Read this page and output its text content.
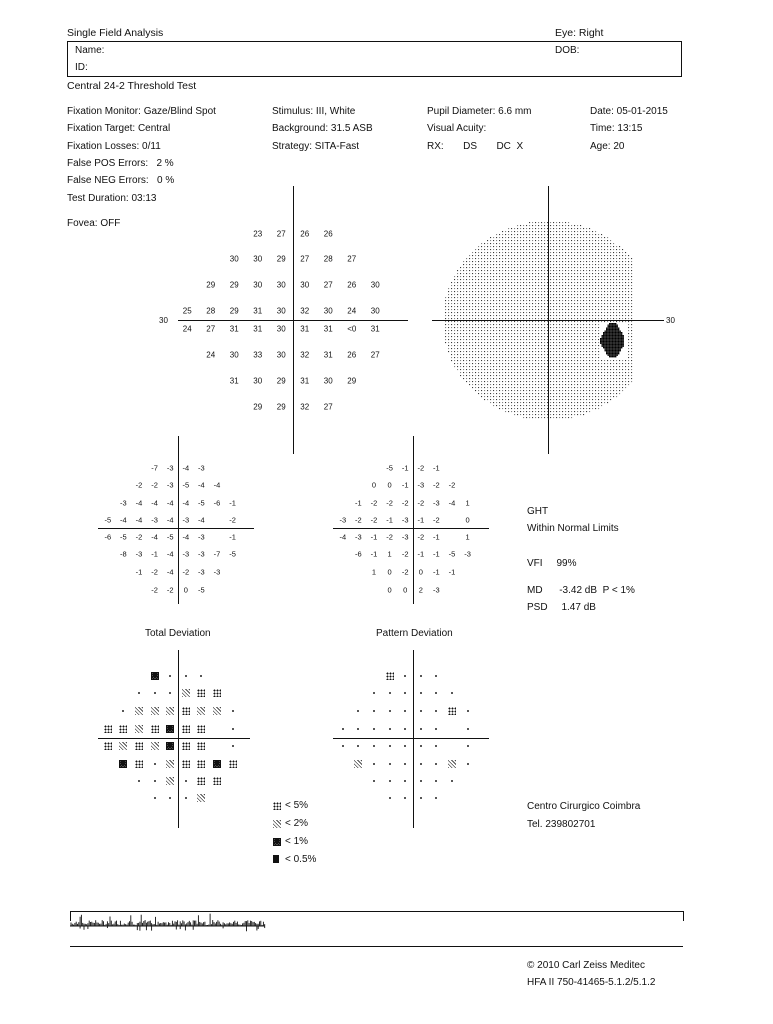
Single Field Analysis	Eye: Right
Name:	DOB:
ID:
Central 24-2 Threshold Test
Fixation Monitor: Gaze/Blind Spot
Fixation Target: Central
Fixation Losses: 0/11
False POS Errors:   2 %
False NEG Errors:   0 %
Test Duration: 03:13
Fovea: OFF
Stimulus: III, White
Background: 31.5 ASB
Strategy: SITA-Fast
Pupil Diameter: 6.6 mm
Visual Acuity:
RX:       DS       DC  X
Date: 05-01-2015
Time: 13:15
Age: 20
30
23 27 26 26
30 30 29 27 28 27
29 29 30 30 30 27 26 30
25 28 29 31 30 32 30 24 30
24 27 31 31 30 31 31 <0 31
24 30 33 30 32 31 26 27
31 30 29 31 30 29
29 29 32 27
30
-7 -3 -4 -3
-2 -2 -3 -5 -4 -4
-3 -4 -4 -4 -4 -5 -6 -1
-5 -4 -4 -3 -4 -3 -4	-2
-6 -5 -2 -4 -5 -4 -3	-1
-8 -3 -1 -4 -3 -3 -7 -5
-1 -2 -4 -2 -3 -3
-2 -2 0 -5
Total Deviation
-5 -1 -2 -1
0 0 -1 -3 -2 -2
-1 -2 -2 -2 -2 -3 -4 1
-3 -2 -2 -1 -3 -1 -2	0
-4 -3 -1 -2 -3 -2 -1	1
-6 -1 1 -2 -1 -1 -5 -3
1 0 -2 0 -1 -1
0 0 2 -3
Pattern Deviation
< 5%
< 2%
< 1%
< 0.5%
GHT
Within Normal Limits
VFI     99%
MD      -3.42 dB  P < 1%
PSD     1.47 dB
Centro Cirurgico Coimbra
Tel. 239802701
© 2010 Carl Zeiss Meditec
HFA II 750-41465-5.1.2/5.1.2
